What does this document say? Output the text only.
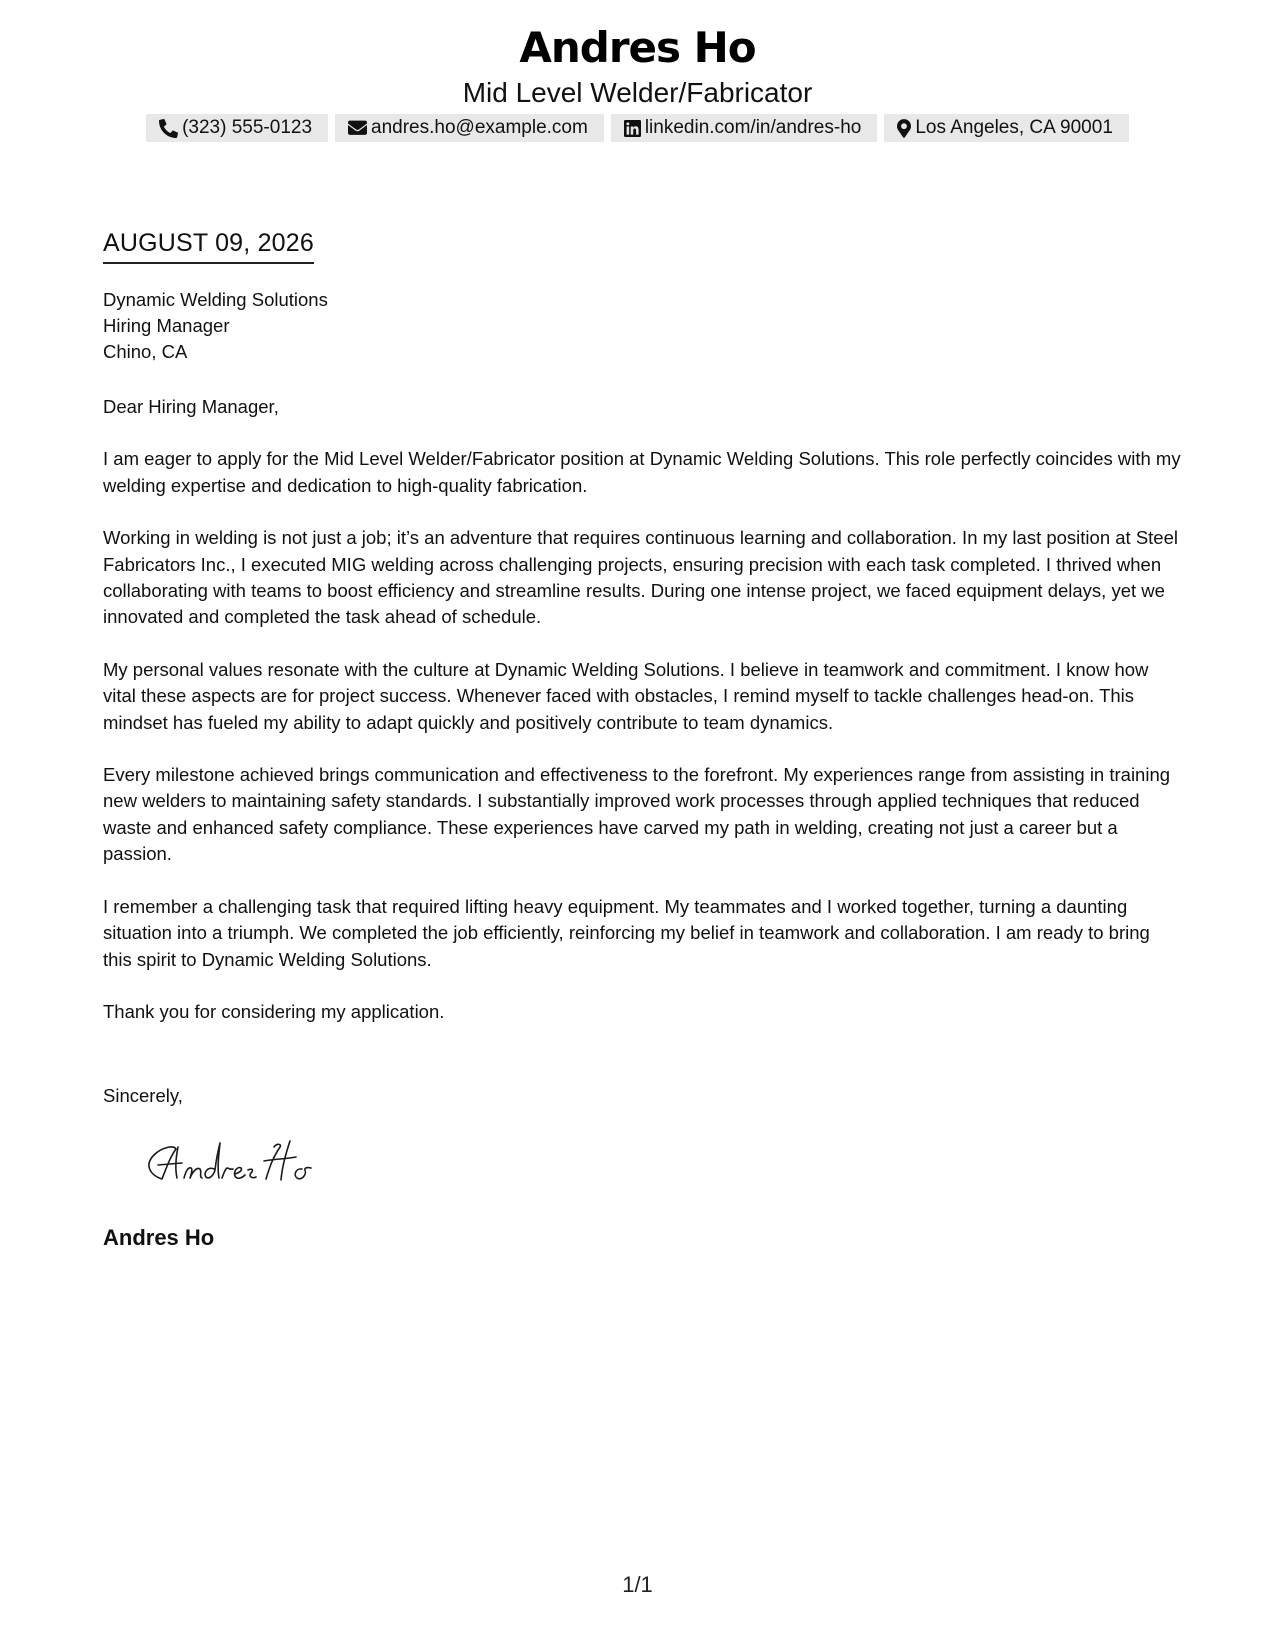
Andres Ho
Mid Level Welder/Fabricator
(323) 555-0123	andres.ho@example.com	linkedin.com/in/andres-ho	Los Angeles, CA 90001
AUGUST 09, 2026
Dynamic Welding Solutions
Hiring Manager
Chino, CA

Dear Hiring Manager,

I am eager to apply for the Mid Level Welder/Fabricator position at Dynamic Welding Solutions. This role perfectly coincides with my welding expertise and dedication to high-quality fabrication.

Working in welding is not just a job; it’s an adventure that requires continuous learning and collaboration. In my last position at Steel Fabricators Inc., I executed MIG welding across challenging projects, ensuring precision with each task completed. I thrived when collaborating with teams to boost efficiency and streamline results. During one intense project, we faced equipment delays, yet we innovated and completed the task ahead of schedule.

My personal values resonate with the culture at Dynamic Welding Solutions. I believe in teamwork and commitment. I know how vital these aspects are for project success. Whenever faced with obstacles, I remind myself to tackle challenges head-on. This mindset has fueled my ability to adapt quickly and positively contribute to team dynamics.

Every milestone achieved brings communication and effectiveness to the forefront. My experiences range from assisting in training new welders to maintaining safety standards. I substantially improved work processes through applied techniques that reduced waste and enhanced safety compliance. These experiences have carved my path in welding, creating not just a career but a passion.

I remember a challenging task that required lifting heavy equipment. My teammates and I worked together, turning a daunting situation into a triumph. We completed the job efficiently, reinforcing my belief in teamwork and collaboration. I am ready to bring this spirit to Dynamic Welding Solutions.

Thank you for considering my application.

Sincerely,
Andres Ho
1/1
